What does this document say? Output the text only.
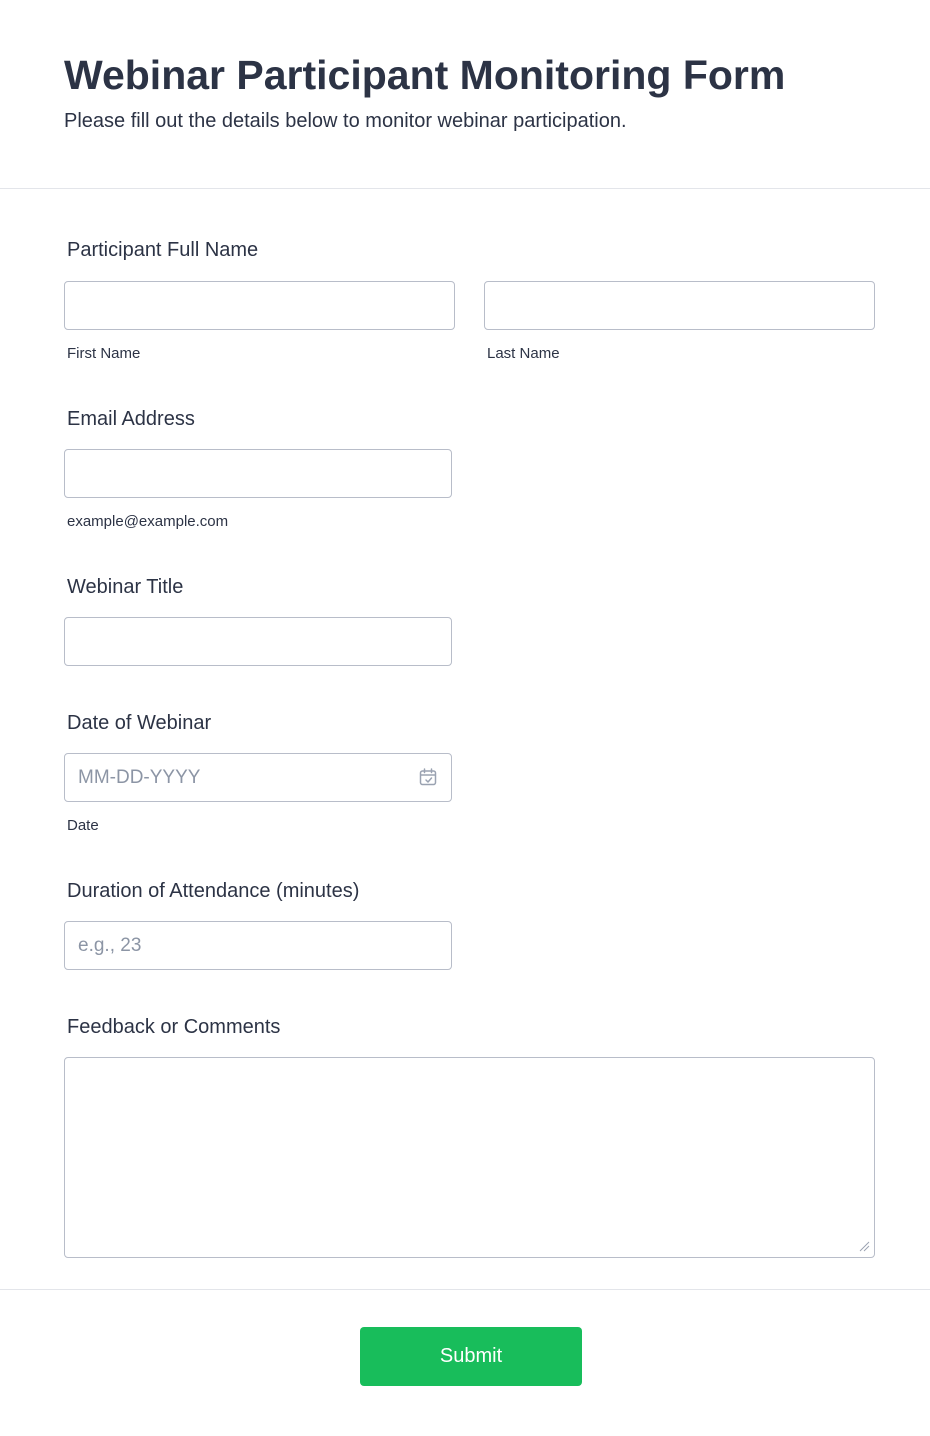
Webinar Participant Monitoring Form

Please fill out the details below to monitor webinar participation.

Participant Full Name
First Name	Last Name
Email Address
example@example.com
Webinar Title
Date of Webinar
MM-DD-YYYY
Date
Duration of Attendance (minutes)
e.g., 23
Feedback or Comments
Submit
